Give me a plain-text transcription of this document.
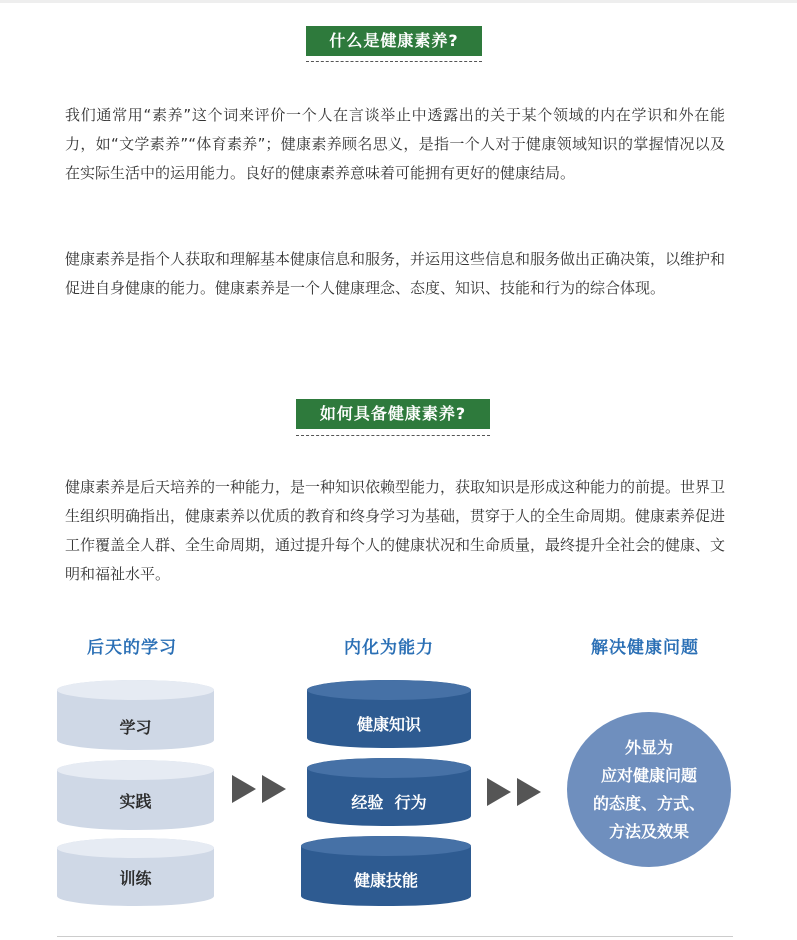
什么是健康素养?
我们通常用“素养”这个词来评价一个人在言谈举止中透露出的关于某个领域的内在学识和外在能力，如“文学素养”“体育素养”；健康素养顾名思义，是指一个人对于健康领域知识的掌握情况以及在实际生活中的运用能力。良好的健康素养意味着可能拥有更好的健康结局。
健康素养是指个人获取和理解基本健康信息和服务，并运用这些信息和服务做出正确决策，以维护和促进自身健康的能力。健康素养是一个人健康理念、态度、知识、技能和行为的综合体现。
如何具备健康素养?
健康素养是后天培养的一种能力，是一种知识依赖型能力，获取知识是形成这种能力的前提。世界卫生组织明确指出，健康素养以优质的教育和终身学习为基础，贯穿于人的全生命周期。健康素养促进工作覆盖全人群、全生命周期，通过提升每个人的健康状况和生命质量，最终提升全社会的健康、文明和福祉水平。
后天的学习	内化为能力	解决健康问题
学习
实践
训练
健康知识
经验  行为
健康技能
外显为
应对健康问题
的态度、方式、
方法及效果
